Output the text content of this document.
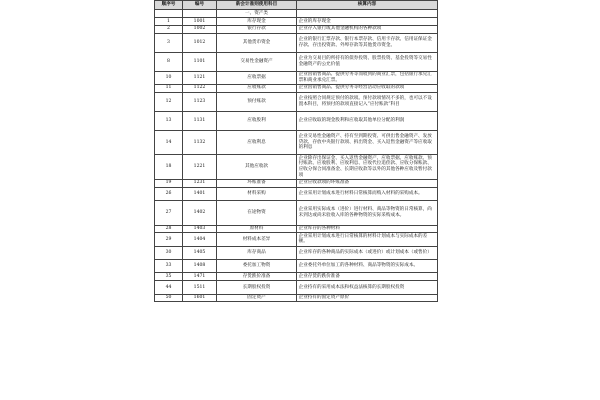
顺序号	编号	新会计准则使用科目	核算内容
		一、资产类	
1	1001	库存现金	企业的库存现金
2	1002	银行存款	企业存入银行或其他金融机构的各种款项
3	1012	其他货币资金	企业的银行汇票存款、银行本票存款、信用卡存款、信用证保证金存款、存出投资款、外埠存款等其他货币资金。
8	1101	交易性金融资产	企业为交易目的所持有的债券投资、股票投资、基金投资等交易性金融资产的公允价值
10	1121	应收票据	企业因销售商品、提供劳务等而收到的商业汇票，包括银行承兑汇票和商业承兑汇票。
11	1122	应收账款	企业因销售商品、提供劳务等经营活动应收取的款项
12	1123	预付账款	企业按照合同规定预付的款项。预付款项情况不多的，也可以不设置本科目，将预付的款项直接记入“应付账款”科目
13	1131	应收股利	企业应收取的现金股利和应收取其他单位分配的利润
14	1132	应收利息	企业交易性金融资产、持有至到期投资、可供出售金融资产、发放贷款、存放中央银行款项、拆出资金、买入返售金融资产等应收取的利息
18	1221	其他应收款	企业除存出保证金、买入返售金融资产、应收票据、应收账款、预付账款、应收股利、应收利息、应收代位追偿款、应收分保账款、应收分保合同准备金、长期应收款等以外的其他各种应收及暂付款项
19	1231	坏账准备	企业应收款项的坏账准备
26	1401	材料采购	企业采用计划成本进行材料日常核算而购入材料的采购成本。
27	1402	在途物资	企业采用实际成本（进价）进行材料、商品等物资的日常核算，尚未到达或尚未验收入库的各种物资的实际采购成本。
28	1403	原材料	企业库存的各种材料
29	1404	材料成本差异	企业采用计划成本进行日常核算的材料计划成本与实际成本的差额。
30	1405	库存商品	企业库存的各种商品的实际成本（或进价）或计划成本（或售价）
33	1408	委托加工物资	企业委托外单位加工的各种材料、商品等物资的实际成本。
35	1471	存货跌价准备	企业存货的跌价准备
44	1511	长期股权投资	企业持有的采用成本法和权益法核算的长期股权投资
50	1601	固定资产	企业持有的固定资产原价
